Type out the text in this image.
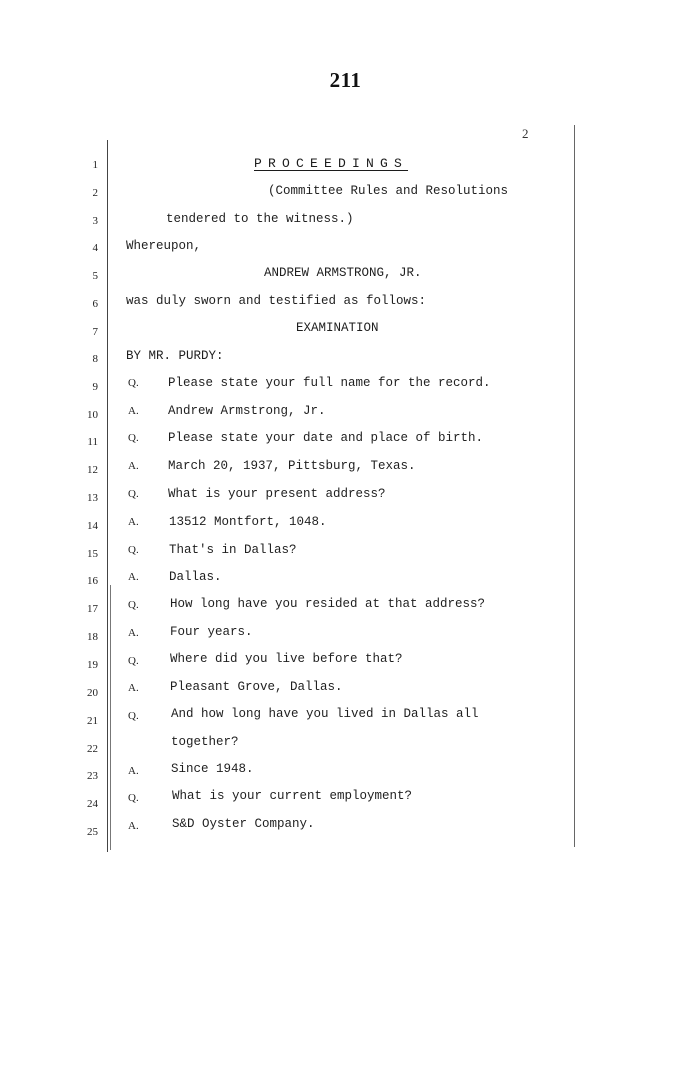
211
2
PROCEEDINGS
1
2	(Committee Rules and Resolutions
3	tendered to the witness.)
4 Whereupon,
5	ANDREW ARMSTRONG, JR.
6 was duly sworn and testified as follows:
7	EXAMINATION
8 BY MR. PURDY:
9	Q. Please state your full name for the record.
10	A. Andrew Armstrong, Jr.
11	Q. Please state your date and place of birth.
12	A. March 20, 1937, Pittsburg, Texas.
13	Q. What is your present address?
14	A. 13512 Montfort, 1048.
15	Q. That's in Dallas?
16	A. Dallas.
17	Q.	How long have you resided at that address?
18	A.	Four years.
19	Q.	Where did you live before that?
20	A.	Pleasant Grove, Dallas.
21	Q.	And how long have you lived in Dallas all
22	together?
23	A.	Since 1948.
24	Q.	What is your current employment?
25	A.	S&D Oyster Company.
